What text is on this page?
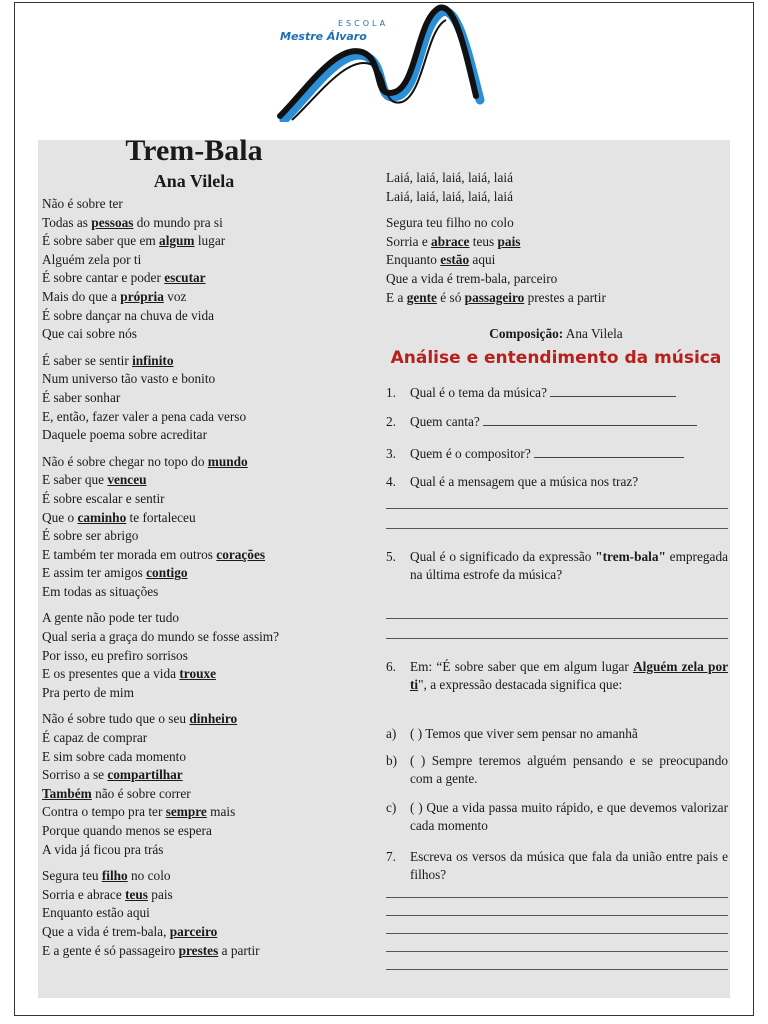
ESCOLA
Mestre Álvaro
Trem-Bala
Ana Vilela

Não é sobre ter

Todas as pessoas do mundo pra si

É sobre saber que em algum lugar

Alguém zela por ti

É sobre cantar e poder escutar

Mais do que a própria voz

É sobre dançar na chuva de vida

Que cai sobre nós

É saber se sentir infinito

Num universo tão vasto e bonito

É saber sonhar

E, então, fazer valer a pena cada verso

Daquele poema sobre acreditar

Não é sobre chegar no topo do mundo

E saber que venceu

É sobre escalar e sentir

Que o caminho te fortaleceu

É sobre ser abrigo

E também ter morada em outros corações

E assim ter amigos contigo

Em todas as situações

A gente não pode ter tudo

Qual seria a graça do mundo se fosse assim?

Por isso, eu prefiro sorrisos

E os presentes que a vida trouxe

Pra perto de mim

Não é sobre tudo que o seu dinheiro

É capaz de comprar

E sim sobre cada momento

Sorriso a se compartilhar

Também não é sobre correr

Contra o tempo pra ter sempre mais

Porque quando menos se espera

A vida já ficou pra trás

Segura teu filho no colo

Sorria e abrace teus pais

Enquanto estão aqui

Que a vida é trem-bala, parceiro

E a gente é só passageiro prestes a partir

Laiá, laiá, laiá, laiá, laiá

Laiá, laiá, laiá, laiá, laiá

Segura teu filho no colo

Sorria e abrace teus pais

Enquanto estão aqui

Que a vida é trem-bala, parceiro

E a gente é só passageiro prestes a partir

Composição: Ana Vilela
Análise e entendimento da música
1. Qual é o tema da música?
2. Quem canta?
3. Quem é o compositor?
4. Qual é a mensagem que a música nos traz?
5. Qual é o significado da expressão "trem-bala" empregada na última estrofe da música?
6. Em: “É sobre saber que em algum lugar Alguém zela por ti", a expressão destacada significa que:
a) ( ) Temos que viver sem pensar no amanhã
b) ( ) Sempre teremos alguém pensando e se preocupando com a gente.
c) ( ) Que a vida passa muito rápido, e que devemos valorizar cada momento
7. Escreva os versos da música que fala da união entre pais e filhos?
